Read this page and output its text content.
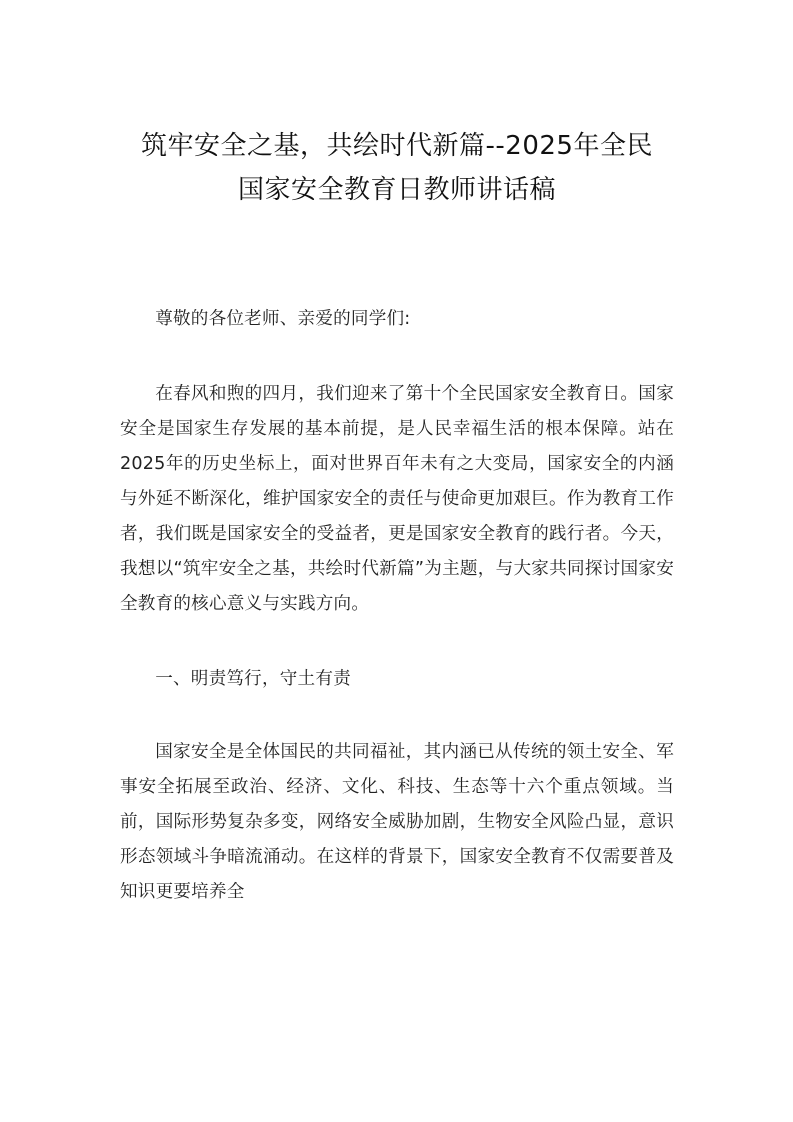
筑牢安全之基，共绘时代新篇--2025年全民
国家安全教育日教师讲话稿

尊敬的各位老师、亲爱的同学们:

在春风和煦的四月，我们迎来了第十个全民国家安全教育日。国家安全是国家生存发展的基本前提，是人民幸福生活的根本保障。站在2025年的历史坐标上，面对世界百年未有之大变局，国家安全的内涵与外延不断深化，维护国家安全的责任与使命更加艰巨。作为教育工作者，我们既是国家安全的受益者，更是国家安全教育的践行者。今天，我想以“筑牢安全之基，共绘时代新篇”为主题，与大家共同探讨国家安全教育的核心意义与实践方向。

一、明责笃行，守土有责

国家安全是全体国民的共同福祉，其内涵已从传统的领土安全、军事安全拓展至政治、经济、文化、科技、生态等十六个重点领域。当前，国际形势复杂多变，网络安全威胁加剧，生物安全风险凸显，意识形态领域斗争暗流涌动。在这样的背景下，国家安全教育不仅需要普及知识更要培养全
